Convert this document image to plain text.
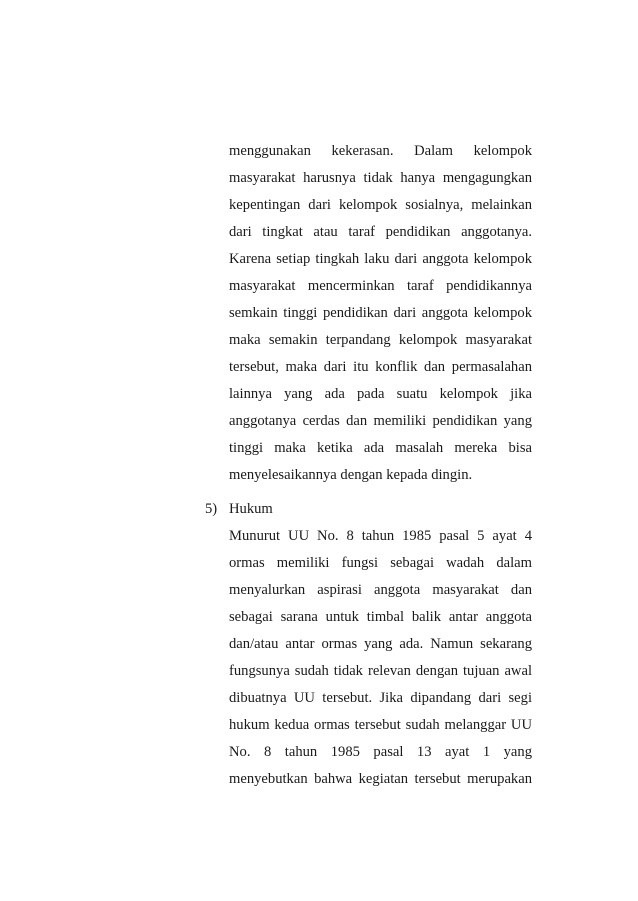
menggunakan kekerasan. Dalam kelompok
masyarakat harusnya tidak hanya mengagungkan
kepentingan dari kelompok sosialnya, melainkan
dari tingkat atau taraf pendidikan anggotanya.
Karena setiap tingkah laku dari anggota kelompok
masyarakat mencerminkan taraf pendidikannya
semkain tinggi pendidikan dari anggota kelompok
maka semakin terpandang kelompok masyarakat
tersebut, maka dari itu konflik dan permasalahan
lainnya yang ada pada suatu kelompok jika
anggotanya cerdas dan memiliki pendidikan yang
tinggi maka ketika ada masalah mereka bisa
menyelesaikannya dengan kepada dingin.
5) Hukum
Munurut UU No. 8 tahun 1985 pasal 5 ayat 4
ormas memiliki fungsi sebagai wadah dalam
menyalurkan aspirasi anggota masyarakat dan
sebagai sarana untuk timbal balik antar anggota
dan/atau antar ormas yang ada. Namun sekarang
fungsunya sudah tidak relevan dengan tujuan awal
dibuatnya UU tersebut. Jika dipandang dari segi
hukum kedua ormas tersebut sudah melanggar UU
No. 8 tahun 1985 pasal 13 ayat 1 yang
menyebutkan bahwa kegiatan tersebut merupakan
